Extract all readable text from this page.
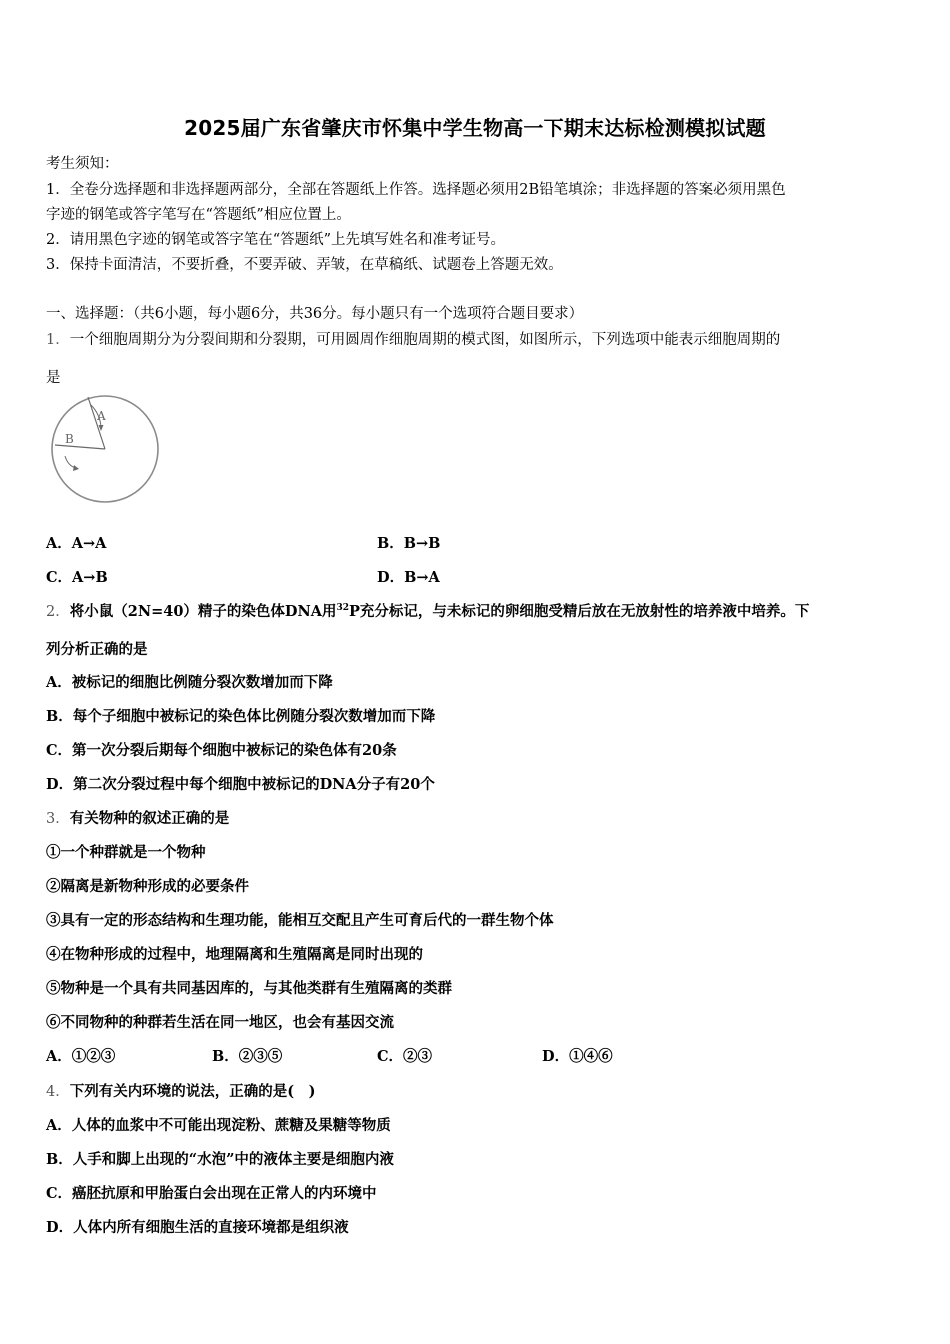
2025届广东省肇庆市怀集中学生物高一下期末达标检测模拟试题
考生须知：
1．全卷分选择题和非选择题两部分，全部在答题纸上作答。选择题必须用2B铅笔填涂；非选择题的答案必须用黑色
字迹的钢笔或答字笔写在“答题纸”相应位置上。
2．请用黑色字迹的钢笔或答字笔在“答题纸”上先填写姓名和准考证号。
3．保持卡面清洁，不要折叠，不要弄破、弄皱，在草稿纸、试题卷上答题无效。
一、选择题：（共6小题，每小题6分，共36分。每小题只有一个选项符合题目要求）
1．一个细胞周期分为分裂间期和分裂期，可用圆周作细胞周期的模式图，如图所示，下列选项中能表示细胞周期的
是
A
B
A．A→A	B．B→B
C．A→B	D．B→A
2．将小鼠（2N=40）精子的染色体DNA用$^{32}$P充分标记，与未标记的卵细胞受精后放在无放射性的培养液中培养。下
列分析正确的是
A．被标记的细胞比例随分裂次数增加而下降
B．每个子细胞中被标记的染色体比例随分裂次数增加而下降
C．第一次分裂后期每个细胞中被标记的染色体有20条
D．第二次分裂过程中每个细胞中被标记的DNA分子有20个
3．有关物种的叙述正确的是
①一个种群就是一个物种
②隔离是新物种形成的必要条件
③具有一定的形态结构和生理功能，能相互交配且产生可育后代的一群生物个体
④在物种形成的过程中，地理隔离和生殖隔离是同时出现的
⑤物种是一个具有共同基因库的，与其他类群有生殖隔离的类群
⑥不同物种的种群若生活在同一地区，也会有基因交流
A．①②③	B．②③⑤	C．②③	D．①④⑥
4．下列有关内环境的说法，正确的是(　)
A．人体的血浆中不可能出现淀粉、蔗糖及果糖等物质
B．人手和脚上出现的“水泡”中的液体主要是细胞内液
C．癌胚抗原和甲胎蛋白会出现在正常人的内环境中
D．人体内所有细胞生活的直接环境都是组织液
